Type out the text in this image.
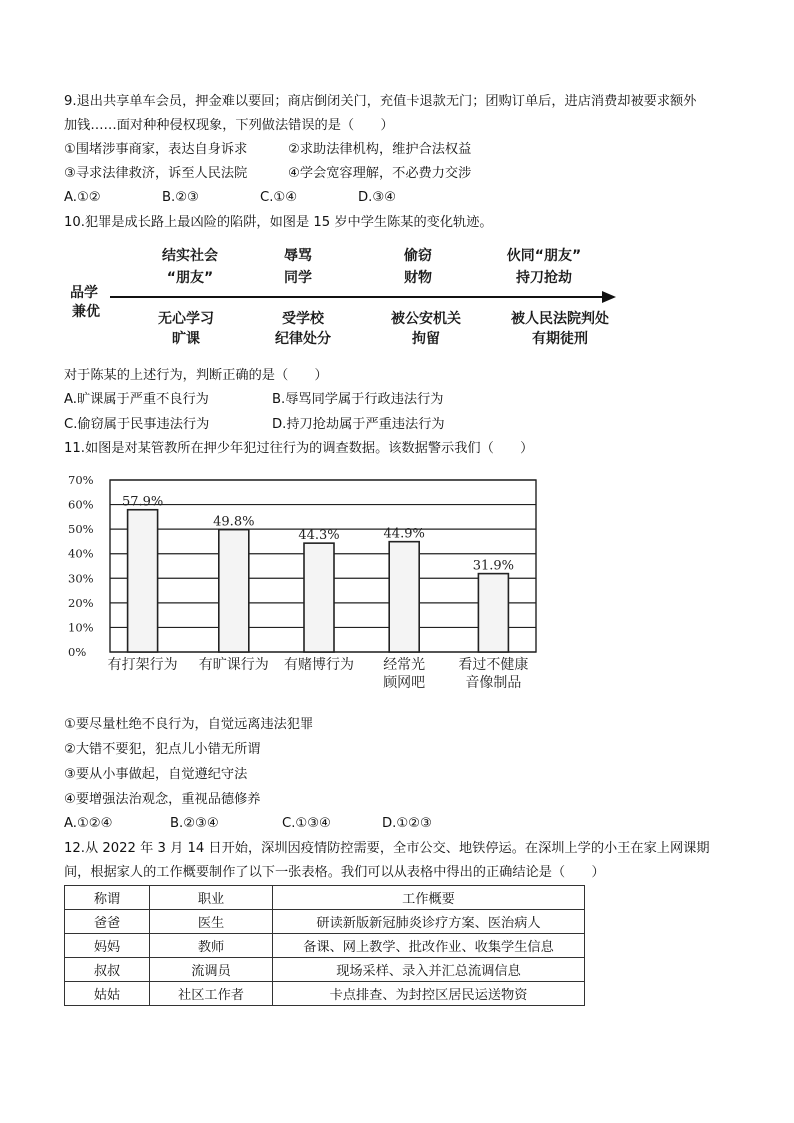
9.退出共享单车会员，押金难以要回；商店倒闭关门，充值卡退款无门；团购订单后，进店消费却被要求额外
加钱……面对种种侵权现象，下列做法错误的是（　　）
①围堵涉事商家，表达自身诉求	②求助法律机构，维护合法权益
③寻求法律救济，诉至人民法院	④学会宽容理解，不必费力交涉
A.①②	B.②③	C.①④	D.③④
10.犯罪是成长路上最凶险的陷阱，如图是 15 岁中学生陈某的变化轨迹。
品学
兼优
结实社会
“朋友”
辱骂
同学
偷窃
财物
伙同“朋友”
持刀抢劫
无心学习
旷课
受学校
纪律处分
被公安机关
拘留
被人民法院判处
有期徒刑
对于陈某的上述行为，判断正确的是（　　）
A.旷课属于严重不良行为	B.辱骂同学属于行政违法行为
C.偷窃属于民事违法行为	D.持刀抢劫属于严重违法行为
11.如图是对某管教所在押少年犯过往行为的调查数据。该数据警示我们（　　）
0%
10%
20%
30%
40%
50%
60%
70%
57.9%
有打架行为
49.8%
有旷课行为
44.3%
有赌博行为
44.9%
经常光
顾网吧
31.9%
看过不健康
音像制品
①要尽量杜绝不良行为，自觉远离违法犯罪
②大错不要犯，犯点儿小错无所谓
③要从小事做起，自觉遵纪守法
④要增强法治观念，重视品德修养
A.①②④	B.②③④	C.①③④	D.①②③
12.从 2022 年 3 月 14 日开始，深圳因疫情防控需要，全市公交、地铁停运。在深圳上学的小王在家上网课期
间，根据家人的工作概要制作了以下一张表格。我们可以从表格中得出的正确结论是（　　）
称谓	职业	工作概要
爸爸	医生	研读新版新冠肺炎诊疗方案、医治病人
妈妈	教师	备课、网上教学、批改作业、收集学生信息
叔叔	流调员	现场采样、录入并汇总流调信息
姑姑	社区工作者	卡点排查、为封控区居民运送物资
